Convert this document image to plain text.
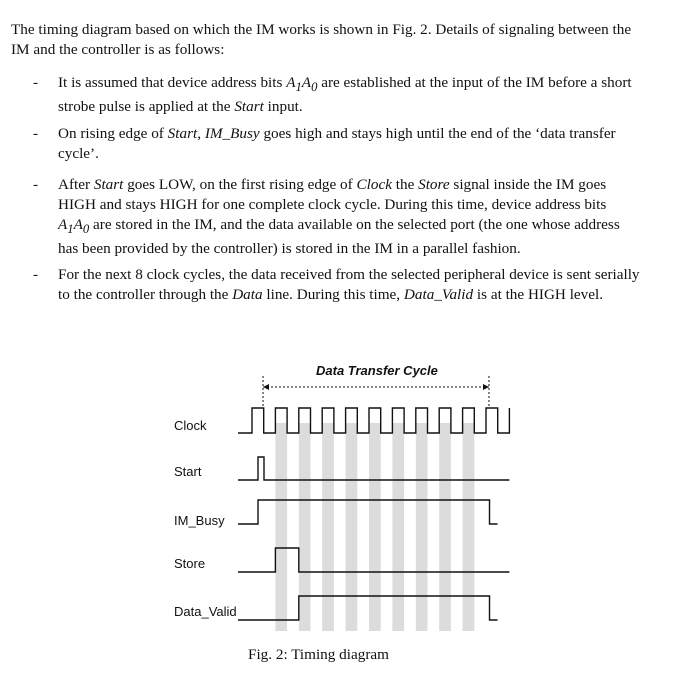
The timing diagram based on which the IM works is shown in Fig. 2. Details of signaling between the IM and the controller is as follows:

- It is assumed that device address bits $A_1A_0$ are established at the input of the IM before a short strobe pulse is applied at the Start input.

- On rising edge of Start, IM_Busy goes high and stays high until the end of the ‘data transfer cycle’.

- After Start goes LOW, on the first rising edge of Clock the Store signal inside the IM goes HIGH and stays HIGH for one complete clock cycle. During this time, device address bits $A_1A_0$ are stored in the IM, and the data available on the selected port (the one whose address has been provided by the controller) is stored in the IM in a parallel fashion.

- For the next 8 clock cycles, the data received from the selected peripheral device is sent serially to the controller through the Data line. During this time, Data_Valid is at the HIGH level.

Data Transfer Cycle
Clock
Start
IM_Busy
Store
Data_Valid
Fig. 2: Timing diagram
